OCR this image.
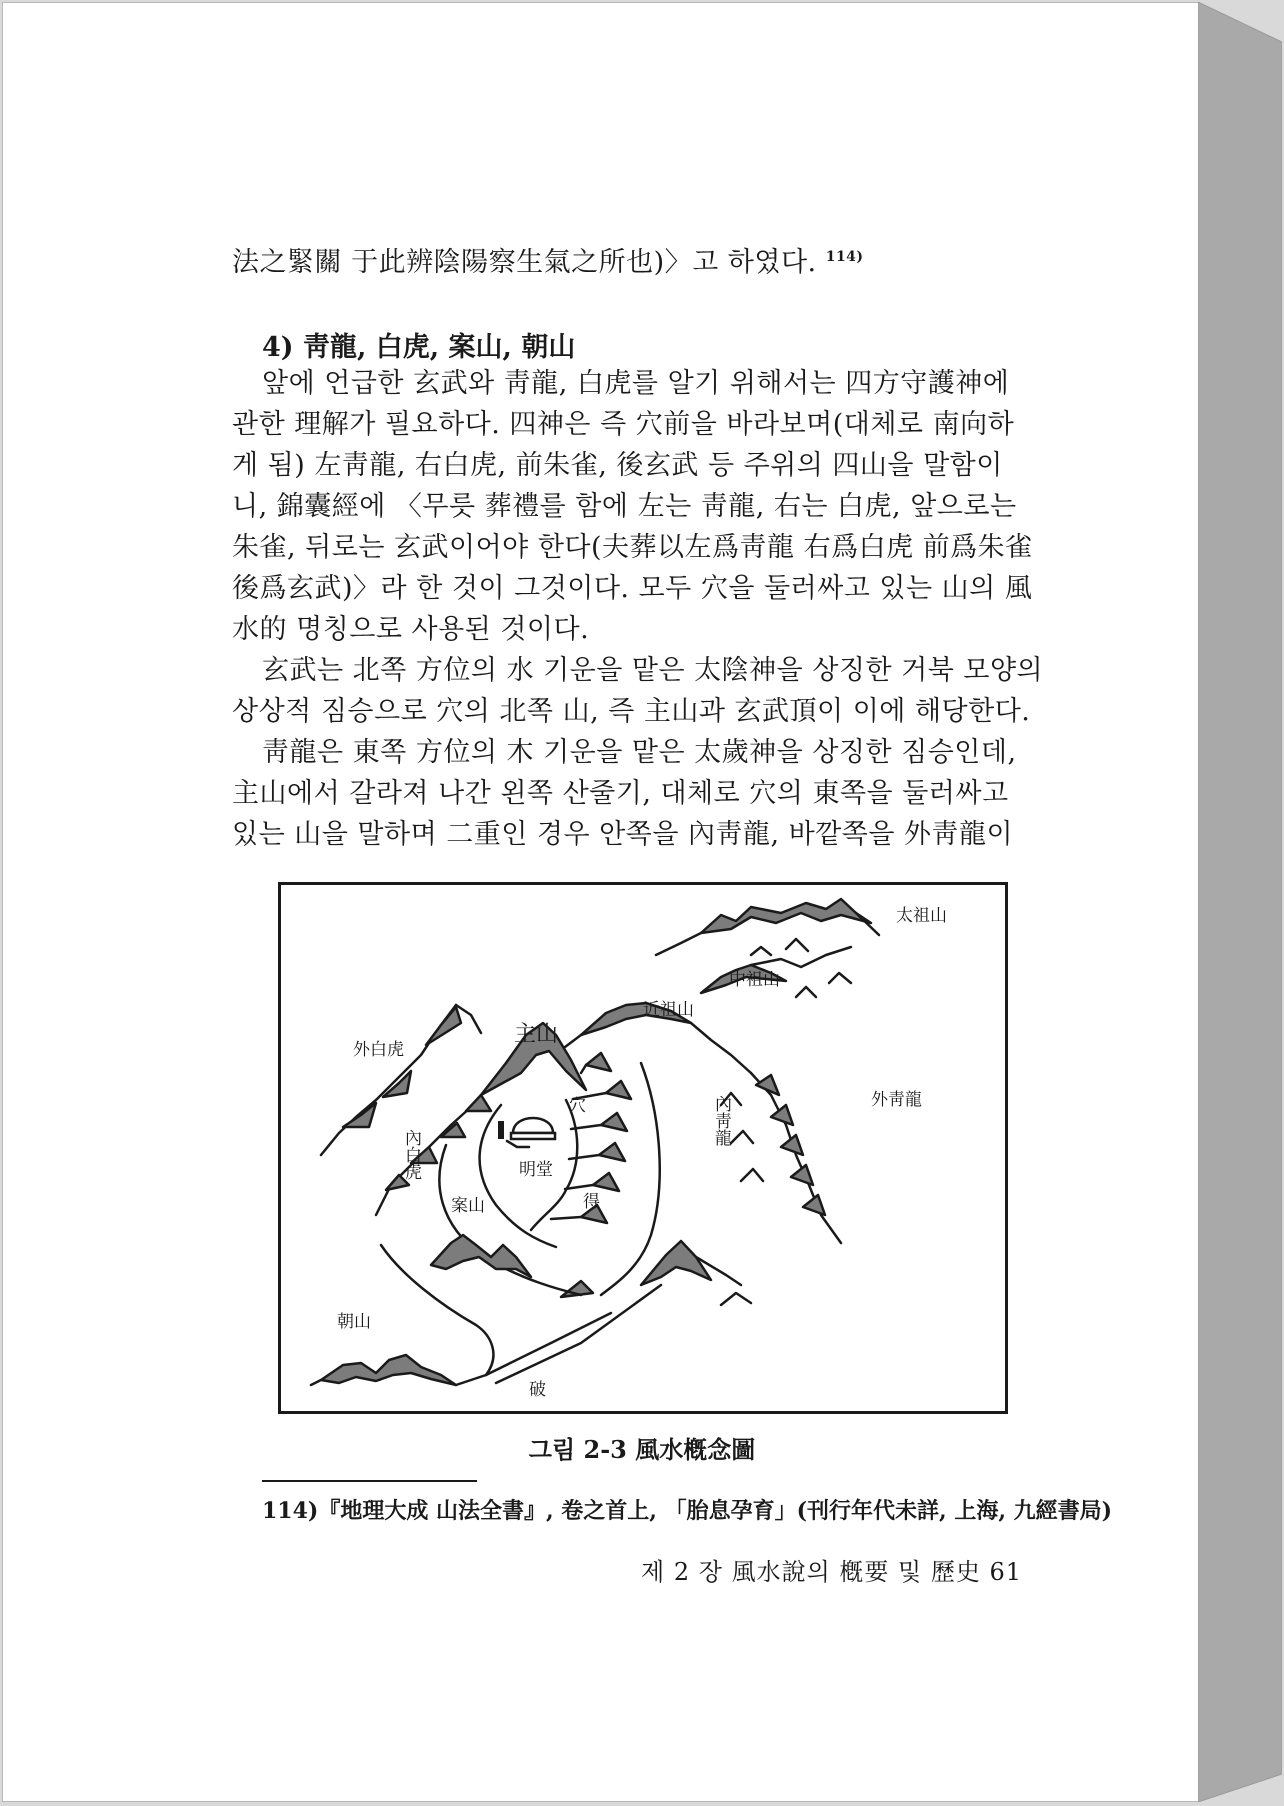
法之緊關 于此辨陰陽察生氣之所也)〉고 하였다. $^{114)}$
4) 靑龍, 白虎, 案山, 朝山
앞에 언급한 玄武와 靑龍, 白虎를 알기 위해서는 四方守護神에
관한 理解가 필요하다. 四神은 즉 穴前을 바라보며(대체로 南向하
게 됨) 左靑龍, 右白虎, 前朱雀, 後玄武 등 주위의 四山을 말함이
니, 錦囊經에 〈무릇 葬禮를 함에 左는 靑龍, 右는 白虎, 앞으로는
朱雀, 뒤로는 玄武이어야 한다(夫葬以左爲靑龍 右爲白虎 前爲朱雀
後爲玄武)〉라 한 것이 그것이다. 모두 穴을 둘러싸고 있는 山의 風
水的 명칭으로 사용된 것이다.
玄武는 北쪽 方位의 水 기운을 맡은 太陰神을 상징한 거북 모양의
상상적 짐승으로 穴의 北쪽 山, 즉 主山과 玄武頂이 이에 해당한다.
靑龍은 東쪽 方位의 木 기운을 맡은 太歲神을 상징한 짐승인데,
主山에서 갈라져 나간 왼쪽 산줄기, 대체로 穴의 東쪽을 둘러싸고
있는 山을 말하며 二重인 경우 안쪽을 內靑龍, 바깥쪽을 外靑龍이
太祖山
中祖山
近祖山
主山
外白虎
外靑龍
內靑龍
內白虎
穴
明堂
案山	得
朝山
破
그림 2-3 風水槪念圖
114)『地理大成 山法全書』, 卷之首上, 「胎息孕育」(刊行年代未詳, 上海, 九經書局)
제 2 장 風水說의 槪要 및 歷史 61
